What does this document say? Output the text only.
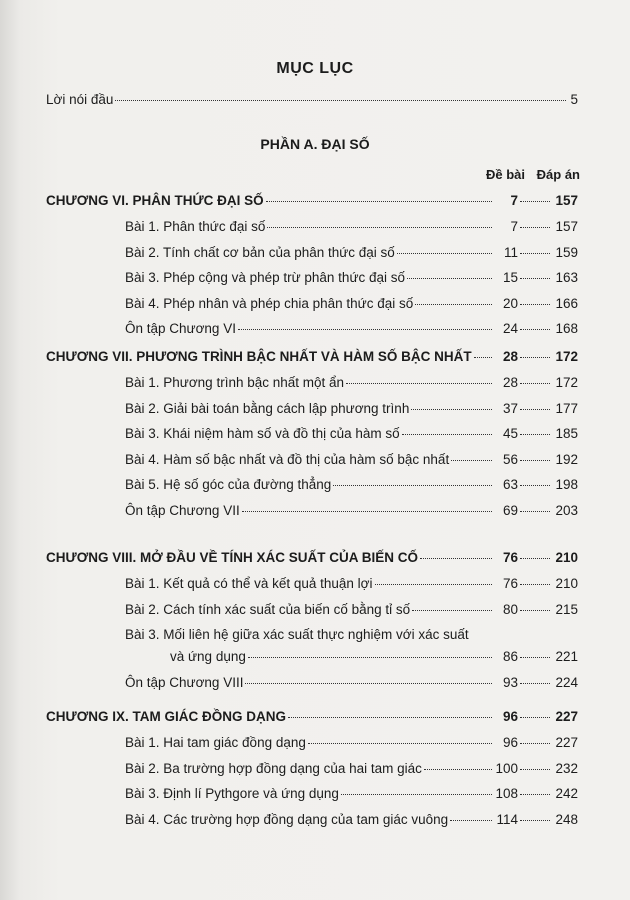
MỤC LỤC
Lời nói đầu	5
PHẦN A. ĐẠI SỐ
Đề bài Đáp án
CHƯƠNG VI. PHÂN THỨC ĐẠI SỐ	7	157
Bài 1. Phân thức đại số	7	157
Bài 2. Tính chất cơ bản của phân thức đại số	11	159
Bài 3. Phép cộng và phép trừ phân thức đại số	15	163
Bài 4. Phép nhân và phép chia phân thức đại số	20	166
Ôn tập Chương VI	24	168
CHƯƠNG VII. PHƯƠNG TRÌNH BẬC NHẤT VÀ HÀM SỐ BẬC NHẤT	28	172
Bài 1. Phương trình bậc nhất một ẩn	28	172
Bài 2. Giải bài toán bằng cách lập phương trình	37	177
Bài 3. Khái niệm hàm số và đồ thị của hàm số	45	185
Bài 4. Hàm số bậc nhất và đồ thị của hàm số bậc nhất	56	192
Bài 5. Hệ số góc của đường thẳng	63	198
Ôn tập Chương VII	69	203
CHƯƠNG VIII. MỞ ĐẦU VỀ TÍNH XÁC SUẤT CỦA BIẾN CỐ	76	210
Bài 1. Kết quả có thể và kết quả thuận lợi	76	210
Bài 2. Cách tính xác suất của biến cố bằng tỉ số	80	215
Bài 3. Mối liên hệ giữa xác suất thực nghiệm với xác suất
và ứng dụng	86	221
Ôn tập Chương VIII	93	224
CHƯƠNG IX. TAM GIÁC ĐỒNG DẠNG	96	227
Bài 1. Hai tam giác đồng dạng	96	227
Bài 2. Ba trường hợp đồng dạng của hai tam giác	100	232
Bài 3. Định lí Pythgore và ứng dụng	108	242
Bài 4. Các trường hợp đồng dạng của tam giác vuông	114	248
